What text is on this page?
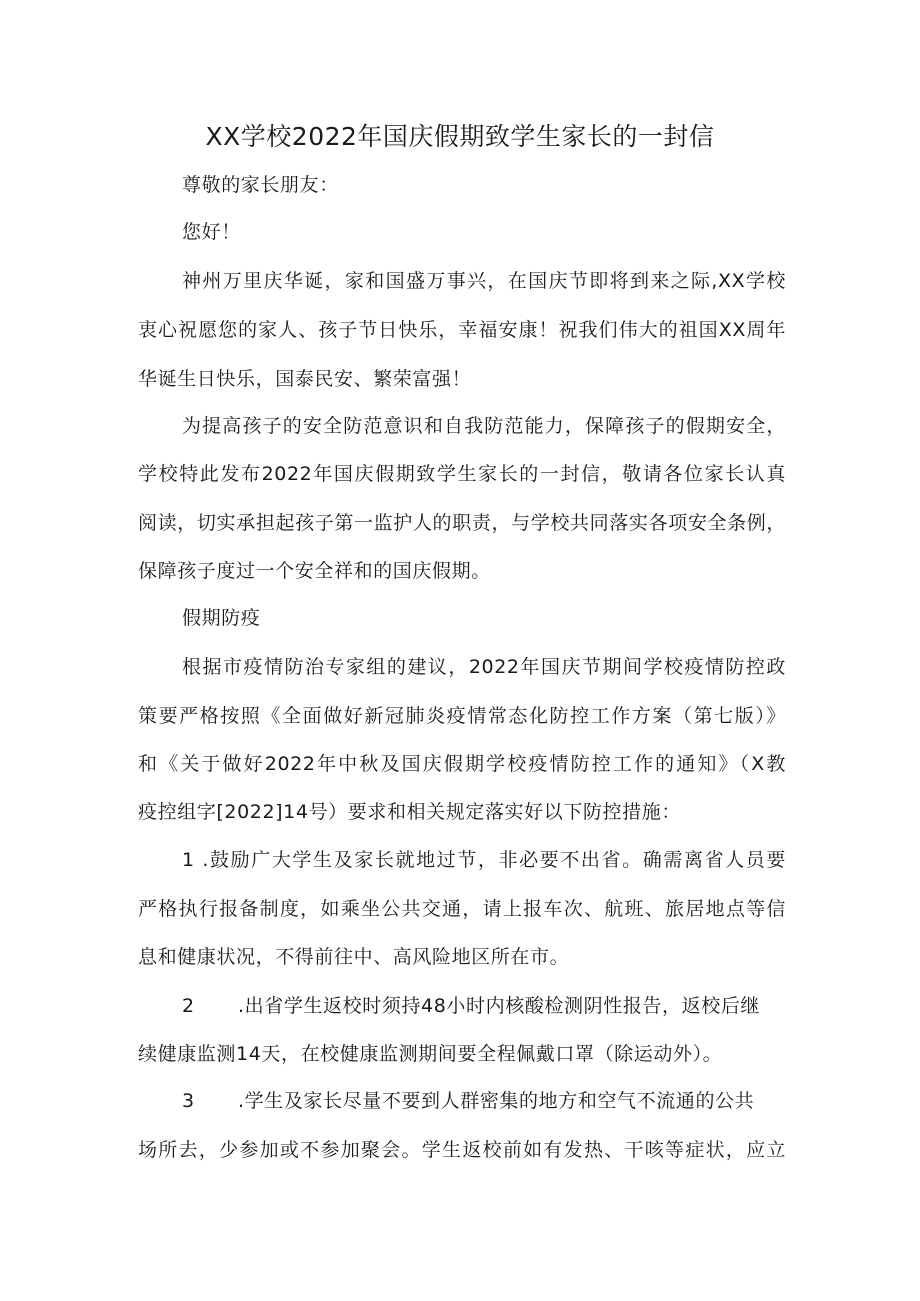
XX学校2022年国庆假期致学生家长的一封信

尊敬的家长朋友：

您好！

神州万里庆华诞，家和国盛万事兴，在国庆节即将到来之际,XX学校

衷心祝愿您的家人、孩子节日快乐，幸福安康！祝我们伟大的祖国XX周年

华诞生日快乐，国泰民安、繁荣富强！

为提高孩子的安全防范意识和自我防范能力，保障孩子的假期安全，

学校特此发布2022年国庆假期致学生家长的一封信，敬请各位家长认真

阅读，切实承担起孩子第一监护人的职责，与学校共同落实各项安全条例，

保障孩子度过一个安全祥和的国庆假期。

假期防疫

根据市疫情防治专家组的建议，2022年国庆节期间学校疫情防控政

策要严格按照《全面做好新冠肺炎疫情常态化防控工作方案（第七版）》

和《关于做好2022年中秋及国庆假期学校疫情防控工作的通知》（X教

疫控组字[2022]14号）要求和相关规定落实好以下防控措施：

1 .鼓励广大学生及家长就地过节，非必要不出省。确需离省人员要

严格执行报备制度，如乘坐公共交通，请上报车次、航班、旅居地点等信

息和健康状况，不得前往中、高风险地区所在市。

2 .出省学生返校时须持48小时内核酸检测阴性报告，返校后继

续健康监测14天，在校健康监测期间要全程佩戴口罩（除运动外）。

3 .学生及家长尽量不要到人群密集的地方和空气不流通的公共

场所去，少参加或不参加聚会。学生返校前如有发热、干咳等症状，应立
